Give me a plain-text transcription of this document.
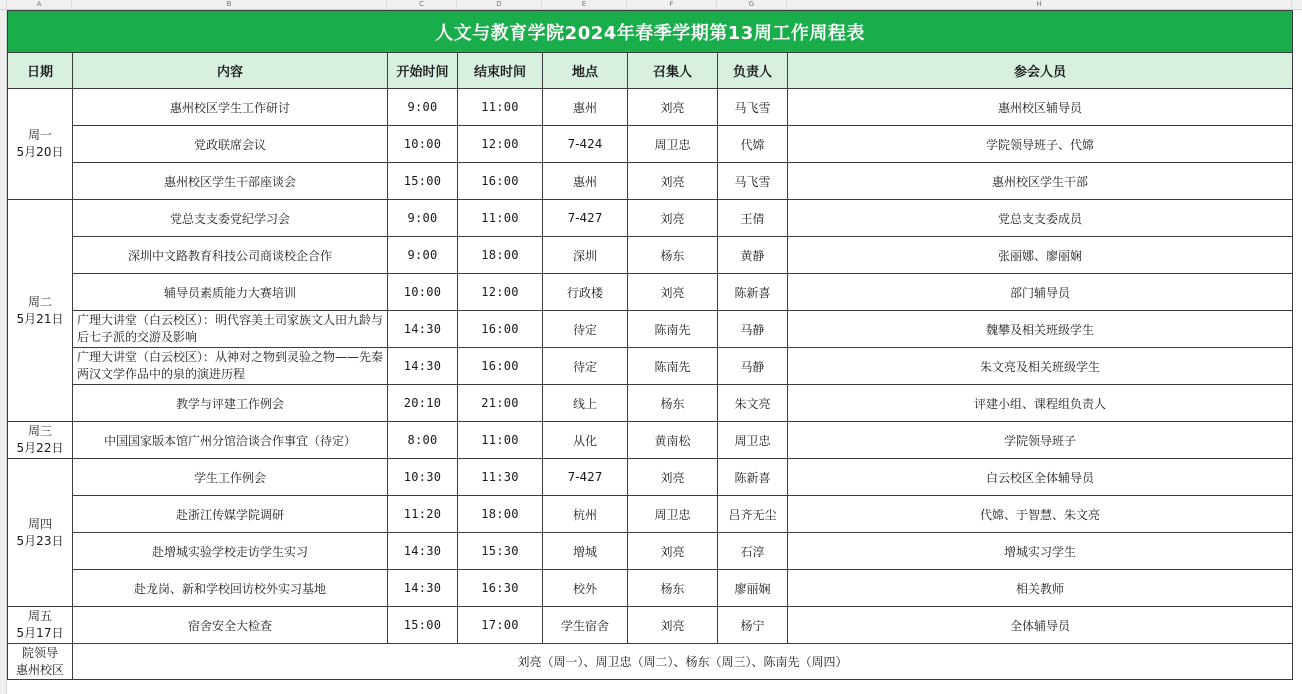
A	B	C	D	E	F	G	H
人文与教育学院2024年春季学期第13周工作周程表							
日期	内容	开始时间	结束时间	地点	召集人	负责人	参会人员

周一
5月20日	惠州校区学生工作研讨	9:00	11:00	惠州	刘亮	马飞雪	惠州校区辅导员
	党政联席会议	10:00	12:00	7-424	周卫忠	代嫦	学院领导班子、代嫦
	惠州校区学生干部座谈会	15:00	16:00	惠州	刘亮	马飞雪	惠州校区学生干部

周二
5月21日	党总支支委党纪学习会	9:00	11:00	7-427	刘亮	王倩	党总支支委成员
	深圳中文路教育科技公司商谈校企合作	9:00	18:00	深圳	杨东	黄静	张丽娜、廖丽娴
	辅导员素质能力大赛培训	10:00	12:00	行政楼	刘亮	陈新喜	部门辅导员
	广理大讲堂（白云校区）：明代容美土司家族文人田九龄与后七子派的交游及影响	14:30	16:00	待定	陈南先	马静	魏攀及相关班级学生
	广理大讲堂（白云校区）：从神对之物到灵验之物——先秦两汉文学作品中的泉的演进历程	14:30	16:00	待定	陈南先	马静	朱文亮及相关班级学生
	教学与评建工作例会	20:10	21:00	线上	杨东	朱文亮	评建小组、课程组负责人

周三
5月22日	中国国家版本馆广州分馆洽谈合作事宜（待定）	8:00	11:00	从化	黄南松	周卫忠	学院领导班子

周四
5月23日	学生工作例会	10:30	11:30	7-427	刘亮	陈新喜	白云校区全体辅导员
	赴浙江传媒学院调研	11:20	18:00	杭州	周卫忠	吕齐无尘	代嫦、于智慧、朱文亮
	赴增城实验学校走访学生实习	14:30	15:30	增城	刘亮	石淳	增城实习学生
	赴龙岗、新和学校回访校外实习基地	14:30	16:30	校外	杨东	廖丽娴	相关教师

周五
5月17日	宿舍安全大检查	15:00	17:00	学生宿舍	刘亮	杨宁	全体辅导员

院领导
惠州校区	刘亮（周一）、周卫忠（周二）、杨东（周三）、陈南先（周四）						
